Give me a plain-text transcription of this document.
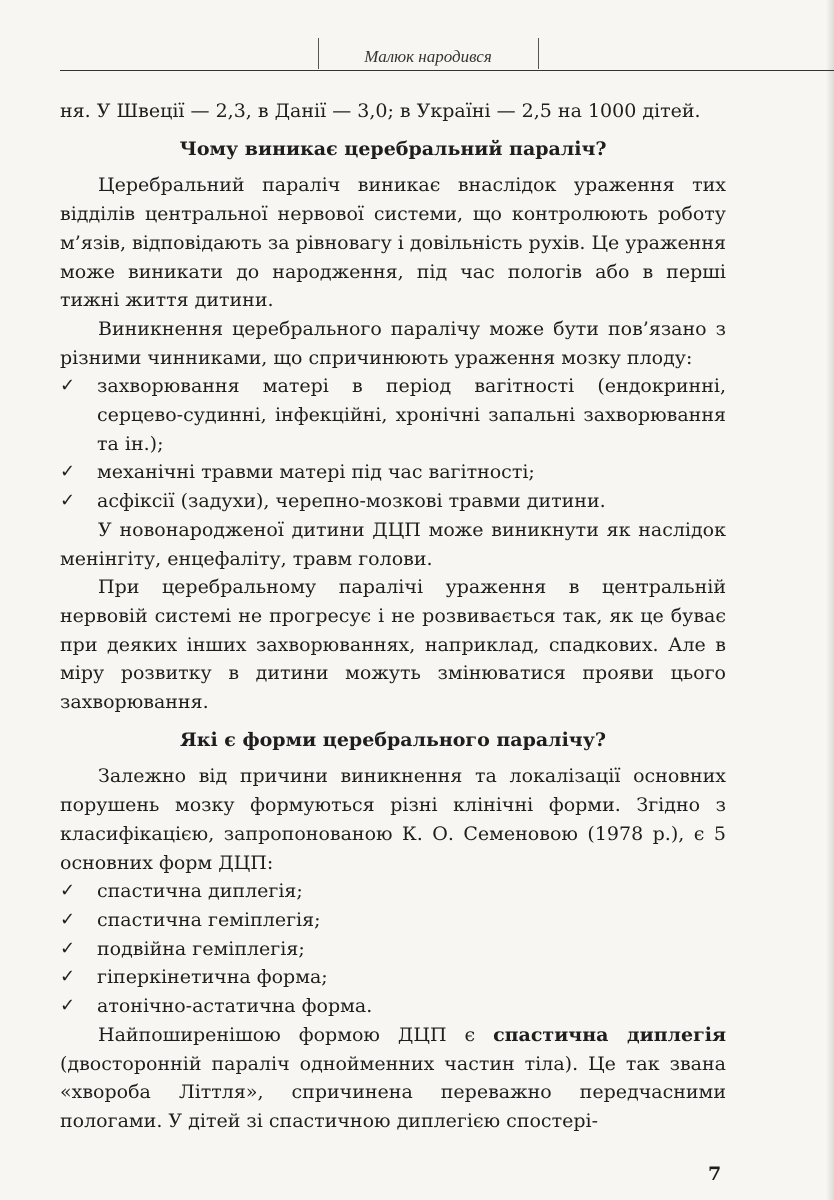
Малюк народився

ня. У Швеції — 2,3, в Данії — 3,0; в Україні — 2,5 на 1000 дітей.

Чому виникає церебральний параліч?

Церебральний параліч виникає внаслідок ураження тих відділів центральної нервової системи, що контролюють роботу м’язів, відповідають за рівновагу і довільність рухів. Це ураження може виникати до народження, під час пологів або в перші тижні життя дитини.

Виникнення церебрального паралічу може бути пов’язано з різними чинниками, що спричинюють ураження мозку плоду:

✓ захворювання матері в період вагітності (ендокринні, серцево-судинні, інфекційні, хронічні запальні захворювання та ін.);
✓ механічні травми матері під час вагітності;
✓ асфіксії (задухи), черепно-мозкові травми дитини.

У новонародженої дитини ДЦП може виникнути як наслідок менінгіту, енцефаліту, травм голови.

При церебральному паралічі ураження в центральній нервовій системі не прогресує і не розвивається так, як це буває при деяких інших захворюваннях, наприклад, спадкових. Але в міру розвитку в дитини можуть змінюватися прояви цього захворювання.

Які є форми церебрального паралічу?

Залежно від причини виникнення та локалізації основних порушень мозку формуються різні клінічні форми. Згідно з класифікацією, запропонованою К. О. Семеновою (1978 р.), є 5 основних форм ДЦП:

✓ спастична диплегія;
✓ спастична геміплегія;
✓ подвійна геміплегія;
✓ гіперкінетична форма;
✓ атонічно-астатична форма.

Найпоширенішою формою ДЦП є спастична диплегія (двосторонній параліч однойменних частин тіла). Це так звана «хвороба Літтля», спричинена переважно передчасними пологами. У дітей зі спастичною диплегією спостері-

7
